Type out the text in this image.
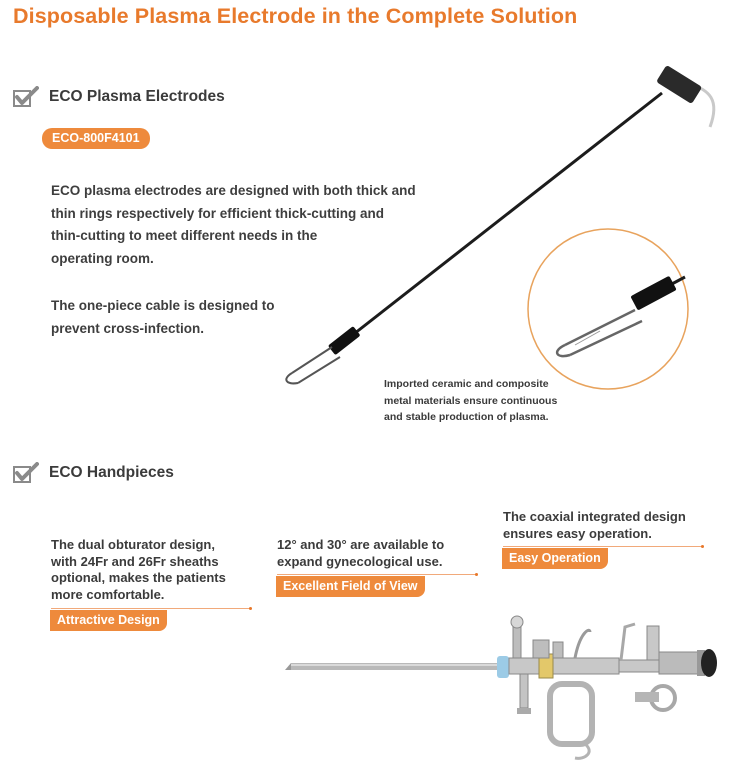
Disposable Plasma Electrode in the Complete Solution
ECO Plasma Electrodes
ECO-800F4101
ECO plasma electrodes are designed with both thick and
thin rings respectively for efficient thick-cutting and
thin-cutting to meet different needs in the
operating room.
The one-piece cable is designed to
prevent cross-infection.
Imported ceramic and composite
metal materials ensure continuous
and stable production of plasma.
ECO Handpieces
The dual obturator design,
with 24Fr and 26Fr sheaths
optional, makes the patients
more comfortable.
Attractive Design
12° and 30° are available to
expand gynecological use.
Excellent Field of View
The coaxial integrated design
ensures easy operation.
Easy Operation
